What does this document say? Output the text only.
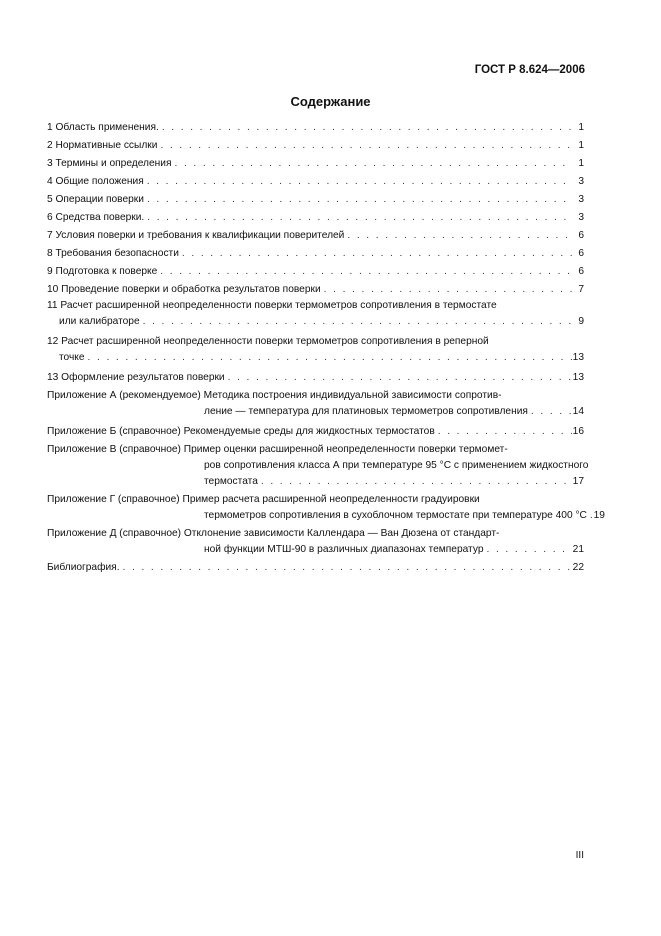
ГОСТ Р 8.624—2006
Содержание
1 Область применения. . . .	1
2 Нормативные ссылки . . .	1
3 Термины и определения . . .	1
4 Общие положения . . .	3
5 Операции поверки . . .	3
6 Средства поверки. . . .	3
7 Условия поверки и требования к квалификации поверителей . . .	6
8 Требования безопасности . . .	6
9 Подготовка к поверке . . .	6
10 Проведение поверки и обработка результатов поверки . . .	7
11 Расчет расширенной неопределенности поверки термометров сопротивления в термостате
или калибраторе . . .	9
12 Расчет расширенной неопределенности поверки термометров сопротивления в реперной
точке . . .	13
13 Оформление результатов поверки . . .	13
Приложение А (рекомендуемое) Методика построения индивидуальной зависимости сопротив-
ление — температура для платиновых термометров сопротивления . . .	14
Приложение Б (справочное) Рекомендуемые среды для жидкостных термостатов . . .	16
Приложение В (справочное) Пример оценки расширенной неопределенности поверки термомет-
ров сопротивления класса А при температуре 95 °С с применением жидкостного
термостата . . .	17
Приложение Г (справочное) Пример расчета расширенной неопределенности градуировки
термометров сопротивления в сухоблочном термостате при температуре 400 °С . . . 19
Приложение Д (справочное) Отклонение зависимости Каллендара — Ван Дюзена от стандарт-
ной функции МТШ-90 в различных диапазонах температур . . .	21
Библиография. . . .	22
III
